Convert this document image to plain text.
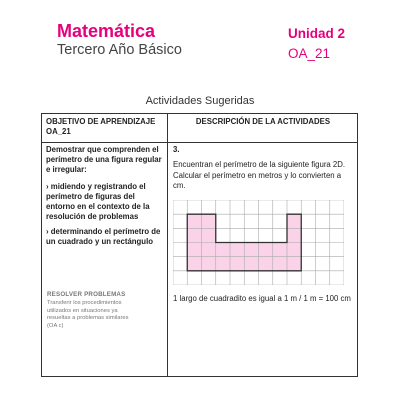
Matemática
Tercero Año Básico
Unidad 2
OA_21
Actividades Sugeridas
OBJETIVO DE APRENDIZAJE
OA_21
DESCRIPCIÓN DE LA ACTIVIDADES
Demostrar que comprenden el
perímetro de una figura regular
e irregular:
› midiendo y registrando el
perímetro de figuras del
entorno en el contexto de la
resolución de problemas
› determinando el perímetro de
un cuadrado y un rectángulo
RESOLVER PROBLEMAS
Transferir los procedimientos
utilizados en situaciones ya
resueltas a problemas similares
(OA c)
3.
Encuentran el perímetro de la siguiente figura 2D.
Calcular el perímetro en metros y lo convierten a
cm.
1 largo de cuadradito es igual a 1 m / 1 m = 100 cm
